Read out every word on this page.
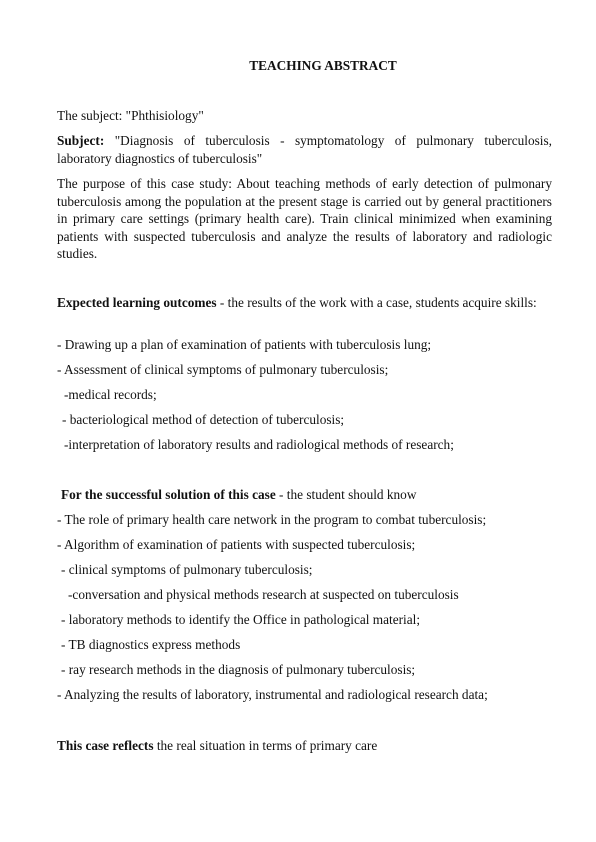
TEACHING ABSTRACT
The subject: "Phthisiology"
Subject: "Diagnosis of tuberculosis - symptomatology of pulmonary tuberculosis, laboratory diagnostics of tuberculosis"
The purpose of this case study: About teaching methods of early detection of pulmonary tuberculosis among the population at the present stage is carried out by general practitioners in primary care settings (primary health care). Train clinical minimized when examining patients with suspected tuberculosis and analyze the results of laboratory and radiologic studies.
Expected learning outcomes - the results of the work with a case, students acquire skills:
- Drawing up a plan of examination of patients with tuberculosis lung;
- Assessment of clinical symptoms of pulmonary tuberculosis;
-medical records;
- bacteriological method of detection of tuberculosis;
-interpretation of laboratory results and radiological methods of research;
For the successful solution of this case - the student should know
- The role of primary health care network in the program to combat tuberculosis;
- Algorithm of examination of patients with suspected tuberculosis;
- clinical symptoms of pulmonary tuberculosis;
-conversation and physical methods research at suspected on tuberculosis
- laboratory methods to identify the Office in pathological material;
- TB diagnostics express methods
- ray research methods in the diagnosis of pulmonary tuberculosis;
- Analyzing the results of laboratory, instrumental and radiological research data;
This case reflects the real situation in terms of primary care
